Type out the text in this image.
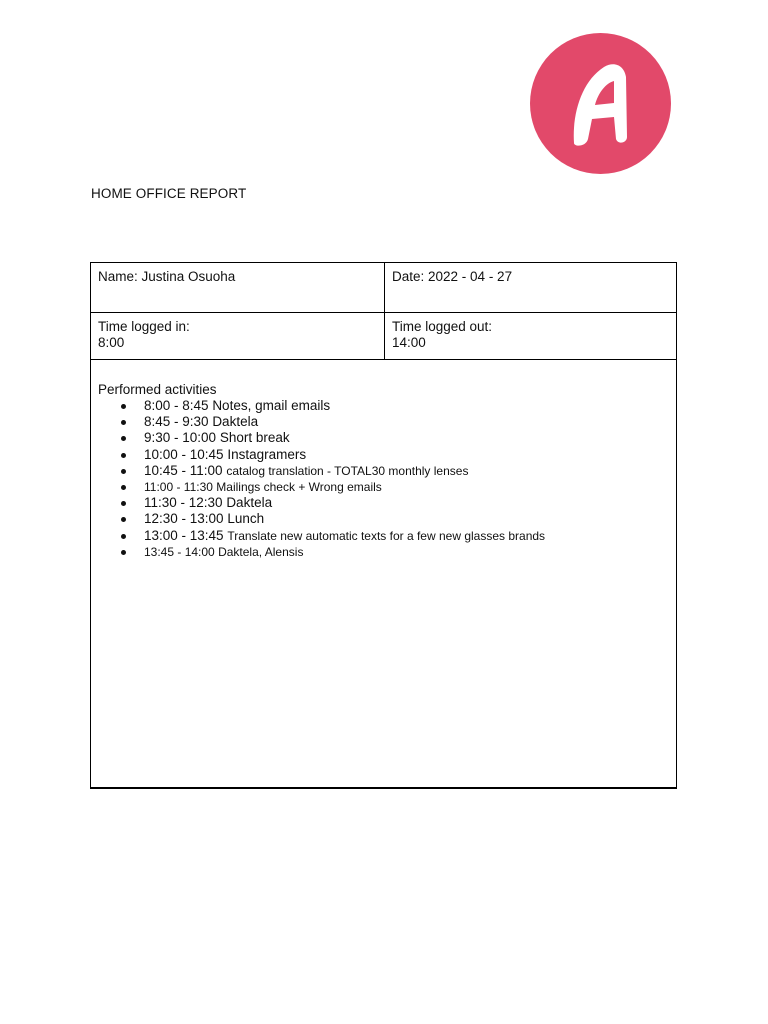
HOME OFFICE REPORT
Name: Justina Osuoha	Date: 2022 - 04 - 27
Time logged in:
8:00
Time logged out:
14:00
Performed activities
8:00 - 8:45 Notes, gmail emails
8:45 - 9:30 Daktela
9:30 - 10:00 Short break
10:00 - 10:45 Instagramers
10:45 - 11:00 catalog translation - TOTAL30 monthly lenses
11:00 - 11:30 Mailings check + Wrong emails
11:30 - 12:30 Daktela
12:30 - 13:00 Lunch
13:00 - 13:45 Translate new automatic texts for a few new glasses brands
13:45 - 14:00 Daktela, Alensis
